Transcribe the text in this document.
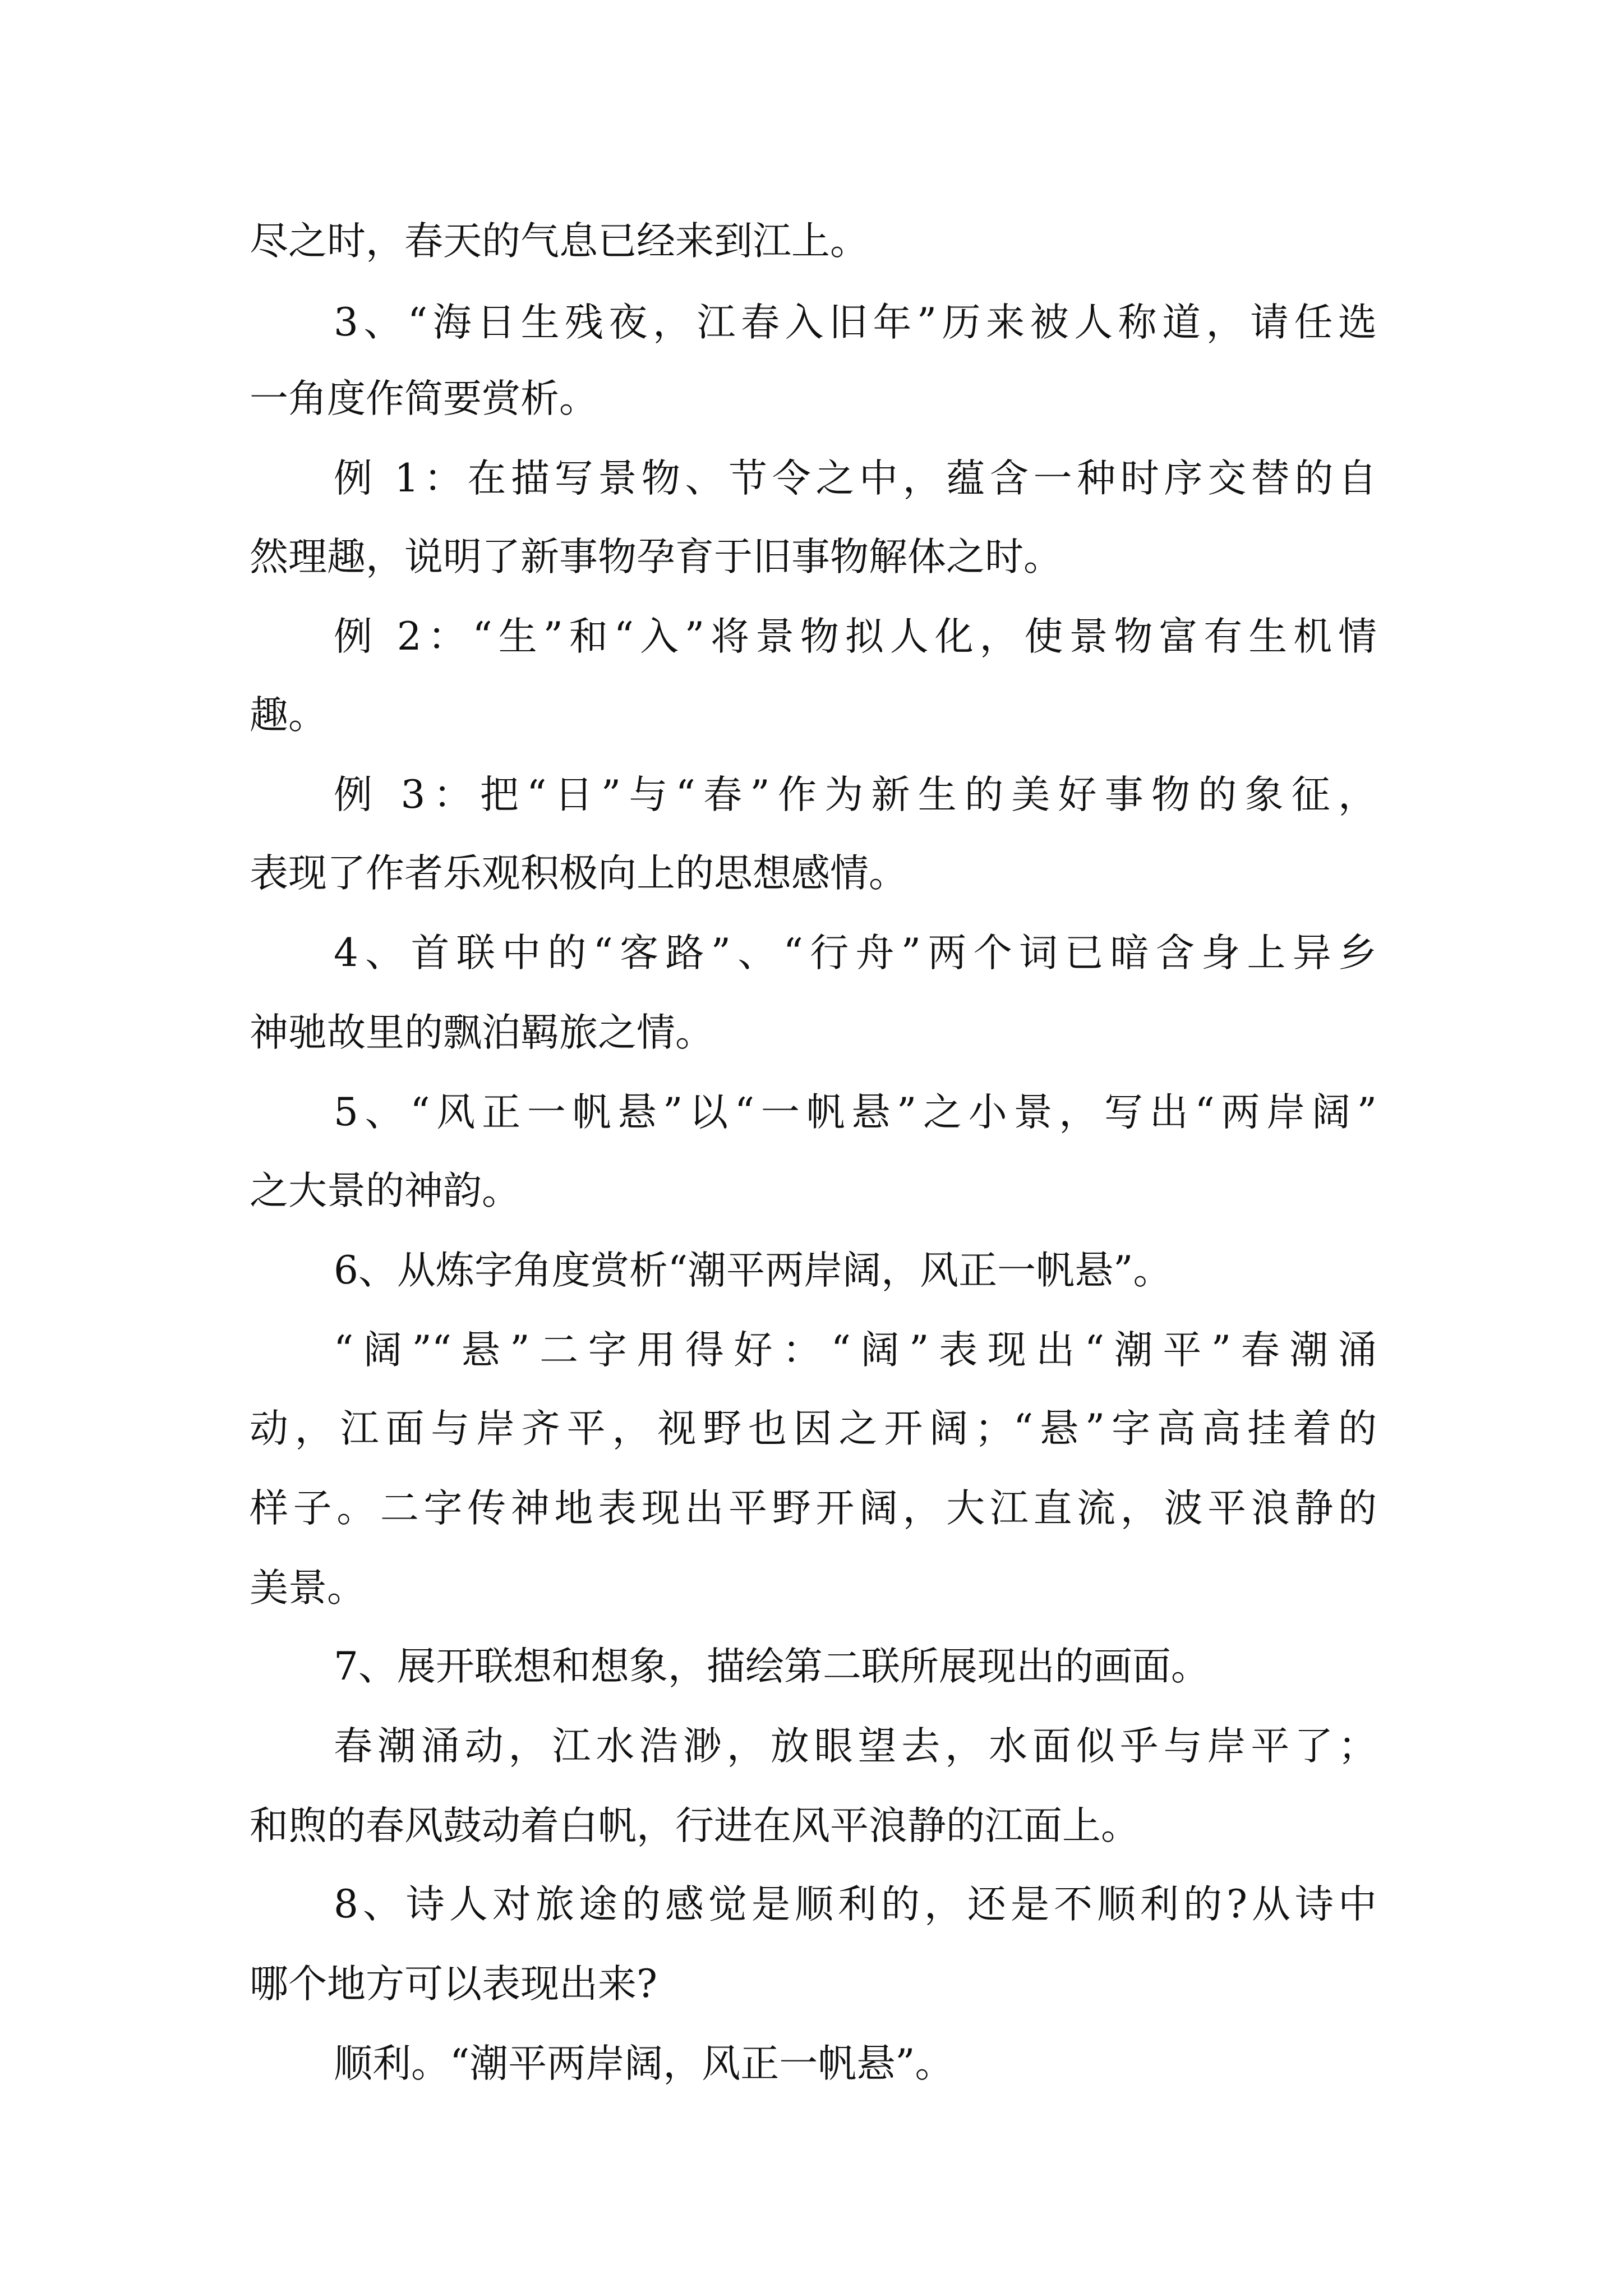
尽之时，春天的气息已经来到江上。
3、“海日生残夜，江春入旧年”历来被人称道，请任选
一角度作简要赏析。
例 1：在描写景物、节令之中，蕴含一种时序交替的自
然理趣，说明了新事物孕育于旧事物解体之时。
例 2：“生”和“入”将景物拟人化，使景物富有生机情
趣。
例 3：把“日”与“春”作为新生的美好事物的象征，
表现了作者乐观积极向上的思想感情。
4、首联中的“客路”、“行舟”两个词已暗含身上异乡
神驰故里的飘泊羁旅之情。
5、“风正一帆悬”以“一帆悬”之小景，写出“两岸阔”
之大景的神韵。
6、从炼字角度赏析“潮平两岸阔，风正一帆悬”。
“阔”“悬”二字用得好：“阔”表现出“潮平”春潮涌
动，江面与岸齐平，视野也因之开阔；“悬”字高高挂着的
样子。二字传神地表现出平野开阔，大江直流，波平浪静的
美景。
7、展开联想和想象，描绘第二联所展现出的画面。
春潮涌动，江水浩渺，放眼望去，水面似乎与岸平了；
和煦的春风鼓动着白帆，行进在风平浪静的江面上。
8、诗人对旅途的感觉是顺利的，还是不顺利的?从诗中
哪个地方可以表现出来?
顺利。“潮平两岸阔，风正一帆悬”。
